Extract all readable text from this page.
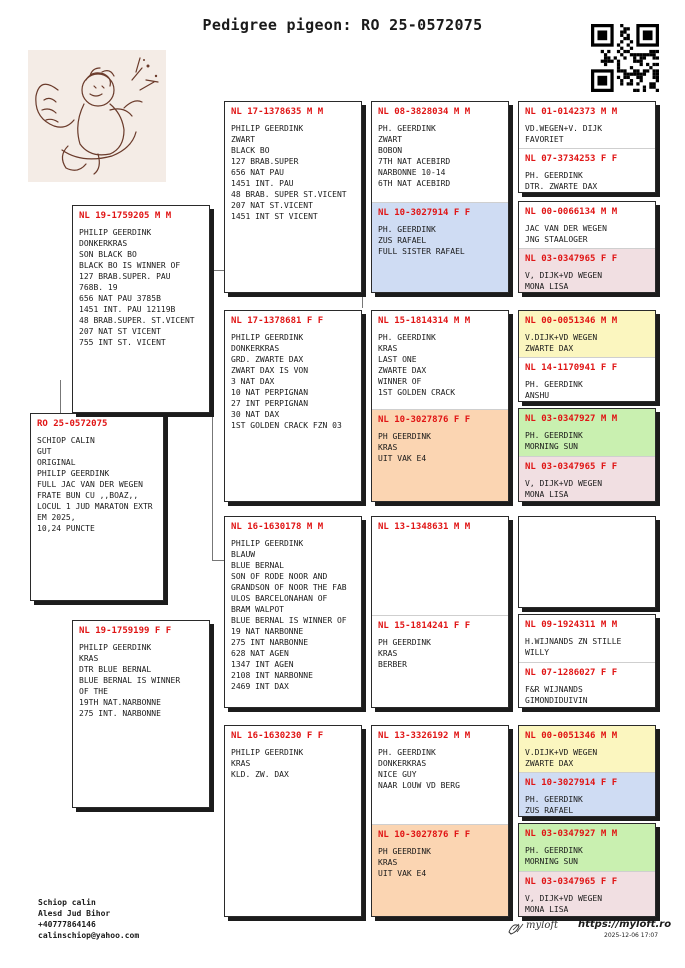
Pedigree pigeon: RO 25-0572075
RO 25-0572075
SCHIOP CALIN
GUT
ORIGINAL
PHILIP GEERDINK
FULL JAC VAN DER WEGEN
FRATE BUN CU ,,BOAZ,,
LOCUL 1 JUD MARATON EXTR
EM 2025,
10,24 PUNCTE
NL 19-1759205 M M
PHILIP GEERDINK
DONKERKRAS
SON BLACK BO
BLACK BO IS WINNER OF
127 BRAB.SUPER. PAU
768B. 19
656 NAT PAU 3785B
1451 INT. PAU 12119B
48 BRAB.SUPER. ST.VICENT
207 NAT ST VICENT
755 INT ST. VICENT
NL 19-1759199 F F
PHILIP GEERDINK
KRAS
DTR BLUE BERNAL
BLUE BERNAL IS WINNER
OF THE
19TH NAT.NARBONNE
275 INT. NARBONNE
NL 17-1378635 M M
PHILIP GEERDINK
ZWART
BLACK BO
127 BRAB.SUPER
656 NAT PAU
1451 INT. PAU
48 BRAB. SUPER ST.VICENT
207 NAT ST.VICENT
1451 INT ST VICENT
NL 17-1378681 F F
PHILIP GEERDINK
DONKERKRAS
GRD. ZWARTE DAX
ZWART DAX IS VON
3 NAT DAX
10 NAT PERPIGNAN
27 INT PERPIGNAN
30 NAT DAX
1ST GOLDEN CRACK FZN 03
NL 16-1630178 M M
PHILIP GEERDINK
BLAUW
BLUE BERNAL
SON OF RODE NOOR AND
GRANDSON OF NOOR THE FAB
ULOS BARCELONAHAN OF
BRAM WALPOT
BLUE BERNAL IS WINNER OF
19 NAT NARBONNE
275 INT NARBONNE
628 NAT AGEN
1347 INT AGEN
2108 INT NARBONNE
2469 INT DAX
NL 16-1630230 F F
PHILIP GEERDINK
KRAS
KLD. ZW. DAX
NL 08-3828034 M M
PH. GEERDINK
ZWART
BOBON
7TH NAT ACEBIRD
NARBONNE 10-14
6TH NAT ACEBIRD
NL 10-3027914 F F
PH. GEERDINK
ZUS RAFAEL
FULL SISTER RAFAEL
NL 15-1814314 M M
PH. GEERDINK
KRAS
LAST ONE
ZWARTE DAX
WINNER OF
1ST GOLDEN CRACK
NL 10-3027876 F F
PH GEERDINK
KRAS
UIT VAK E4
NL 13-1348631 M M
NL 15-1814241 F F
PH GEERDINK
KRAS
BERBER
NL 13-3326192 M M
PH. GEERDINK
DONKERKRAS
NICE GUY
NAAR LOUW VD BERG
NL 10-3027876 F F
PH GEERDINK
KRAS
UIT VAK E4
NL 01-0142373 M M
VD.WEGEN+V. DIJK
FAVORIET
NL 07-3734253 F F
PH. GEERDINK
DTR. ZWARTE DAX
NL 00-0066134 M M
JAC VAN DER WEGEN
JNG STAALOGER
NL 03-0347965 F F
V, DIJK+VD WEGEN
MONA LISA
NL 00-0051346 M M
V.DIJK+VD WEGEN
ZWARTE DAX
NL 14-1170941 F F
PH. GEERDINK
ANSHU
NL 03-0347927 M M
PH. GEERDINK
MORNING SUN
NL 03-0347965 F F
V, DIJK+VD WEGEN
MONA LISA
NL 09-1924311 M M
H.WIJNANDS ZN STILLE
WILLY
NL 07-1286027 F F
F&R WIJNANDS
GIMONDIDUIVIN
NL 00-0051346 M M
V.DIJK+VD WEGEN
ZWARTE DAX
NL 10-3027914 F F
PH. GEERDINK
ZUS RAFAEL
NL 03-0347927 M M
PH. GEERDINK
MORNING SUN
NL 03-0347965 F F
V, DIJK+VD WEGEN
MONA LISA
Schiop calin
Alesd Jud Bihor
+40777864146
calinschiop@yahoo.com
myloft https://myloft.ro
2025-12-06 17:07
